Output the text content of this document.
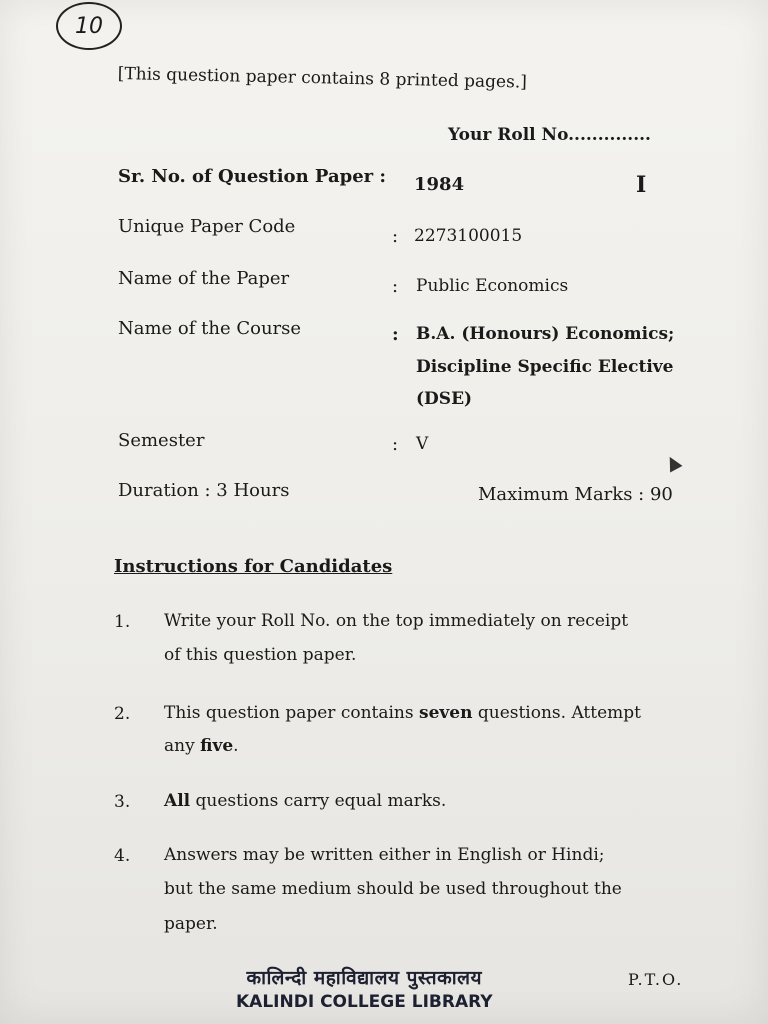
10
[This question paper contains 8 printed pages.]
Your Roll No..............
Sr. No. of Question Paper : 1984	I
Unique Paper Code	: 2273100015
Name of the Paper	: Public Economics
Name of the Course	: B.A. (Honours) Economics;
Discipline Specific Elective
(DSE)
Semester	: V
Duration : 3 Hours	Maximum Marks : 90
Instructions for Candidates
1. Write your Roll No. on the top immediately on receipt
of this question paper.
2. This question paper contains seven questions. Attempt
any five.
3. All questions carry equal marks.
4. Answers may be written either in English or Hindi;
but the same medium should be used throughout the
paper.
कालिन्दी महाविद्यालय पुस्तकालय
KALINDI COLLEGE LIBRARY
P.T.O.
